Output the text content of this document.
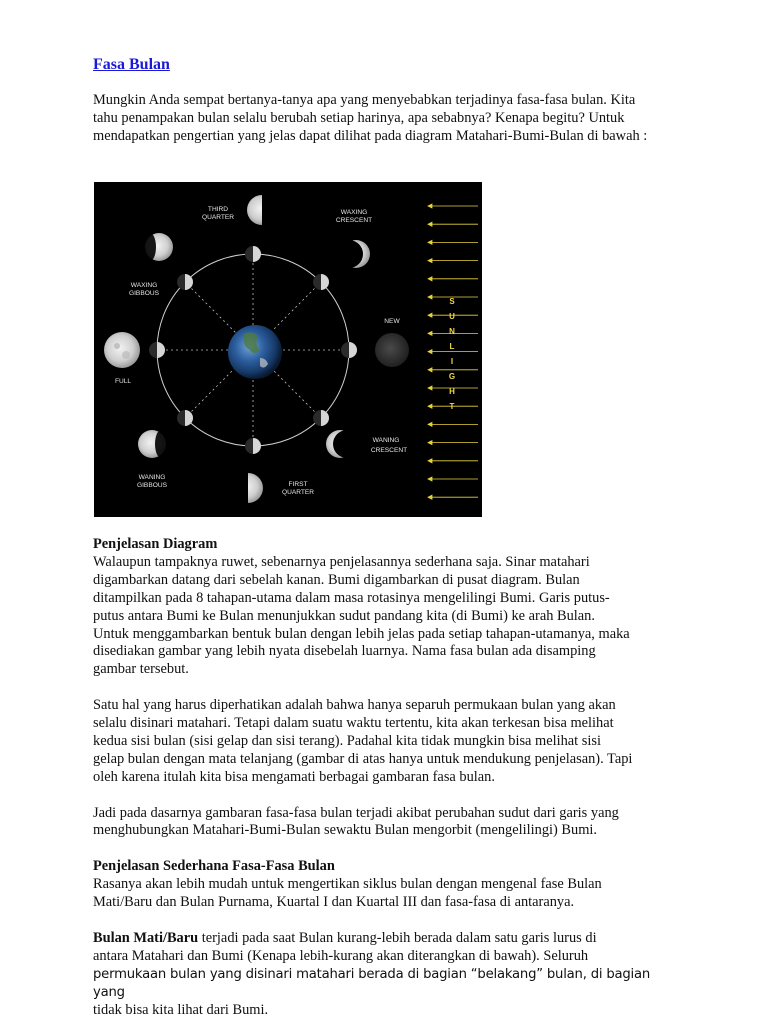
Fasa Bulan

Mungkin Anda sempat bertanya-tanya apa yang menyebabkan terjadinya fasa-fasa bulan. Kita tahu penampakan bulan selalu berubah setiap harinya, apa sebabnya? Kenapa begitu? Untuk mendapatkan pengertian yang jelas dapat dilihat pada diagram Matahari-Bumi-Bulan di bawah :

S
U
N
L
I
G
H
T
THIRD
QUARTER
WAXING
CRESCENT
WAXING
GIBBOUS
NEW
FULL
WANING
CRESCENT
WANING
GIBBOUS	FIRST
QUARTER

Penjelasan Diagram

Walaupun tampaknya ruwet, sebenarnya penjelasannya sederhana saja. Sinar matahari

digambarkan datang dari sebelah kanan. Bumi digambarkan di pusat diagram. Bulan

ditampilkan pada 8 tahapan-utama dalam masa rotasinya mengelilingi Bumi. Garis putus-

putus antara Bumi ke Bulan menunjukkan sudut pandang kita (di Bumi) ke arah Bulan.

Untuk menggambarkan bentuk bulan dengan lebih jelas pada setiap tahapan-utamanya, maka

disediakan gambar yang lebih nyata disebelah luarnya. Nama fasa bulan ada disamping

gambar tersebut.

Satu hal yang harus diperhatikan adalah bahwa hanya separuh permukaan bulan yang akan

selalu disinari matahari. Tetapi dalam suatu waktu tertentu, kita akan terkesan bisa melihat

kedua sisi bulan (sisi gelap dan sisi terang). Padahal kita tidak mungkin bisa melihat sisi

gelap bulan dengan mata telanjang (gambar di atas hanya untuk mendukung penjelasan). Tapi

oleh karena itulah kita bisa mengamati berbagai gambaran fasa bulan.

Jadi pada dasarnya gambaran fasa-fasa bulan terjadi akibat perubahan sudut dari garis yang

menghubungkan Matahari-Bumi-Bulan sewaktu Bulan mengorbit (mengelilingi) Bumi.

Penjelasan Sederhana Fasa-Fasa Bulan

Rasanya akan lebih mudah untuk mengertikan siklus bulan dengan mengenal fase Bulan

Mati/Baru dan Bulan Purnama, Kuartal I dan Kuartal III dan fasa-fasa di antaranya.

Bulan Mati/Baru terjadi pada saat Bulan kurang-lebih berada dalam satu garis lurus di

antara Matahari dan Bumi (Kenapa lebih-kurang akan diterangkan di bawah). Seluruh

permukaan bulan yang disinari matahari berada di bagian “belakang” bulan, di bagian yang

tidak bisa kita lihat dari Bumi.
